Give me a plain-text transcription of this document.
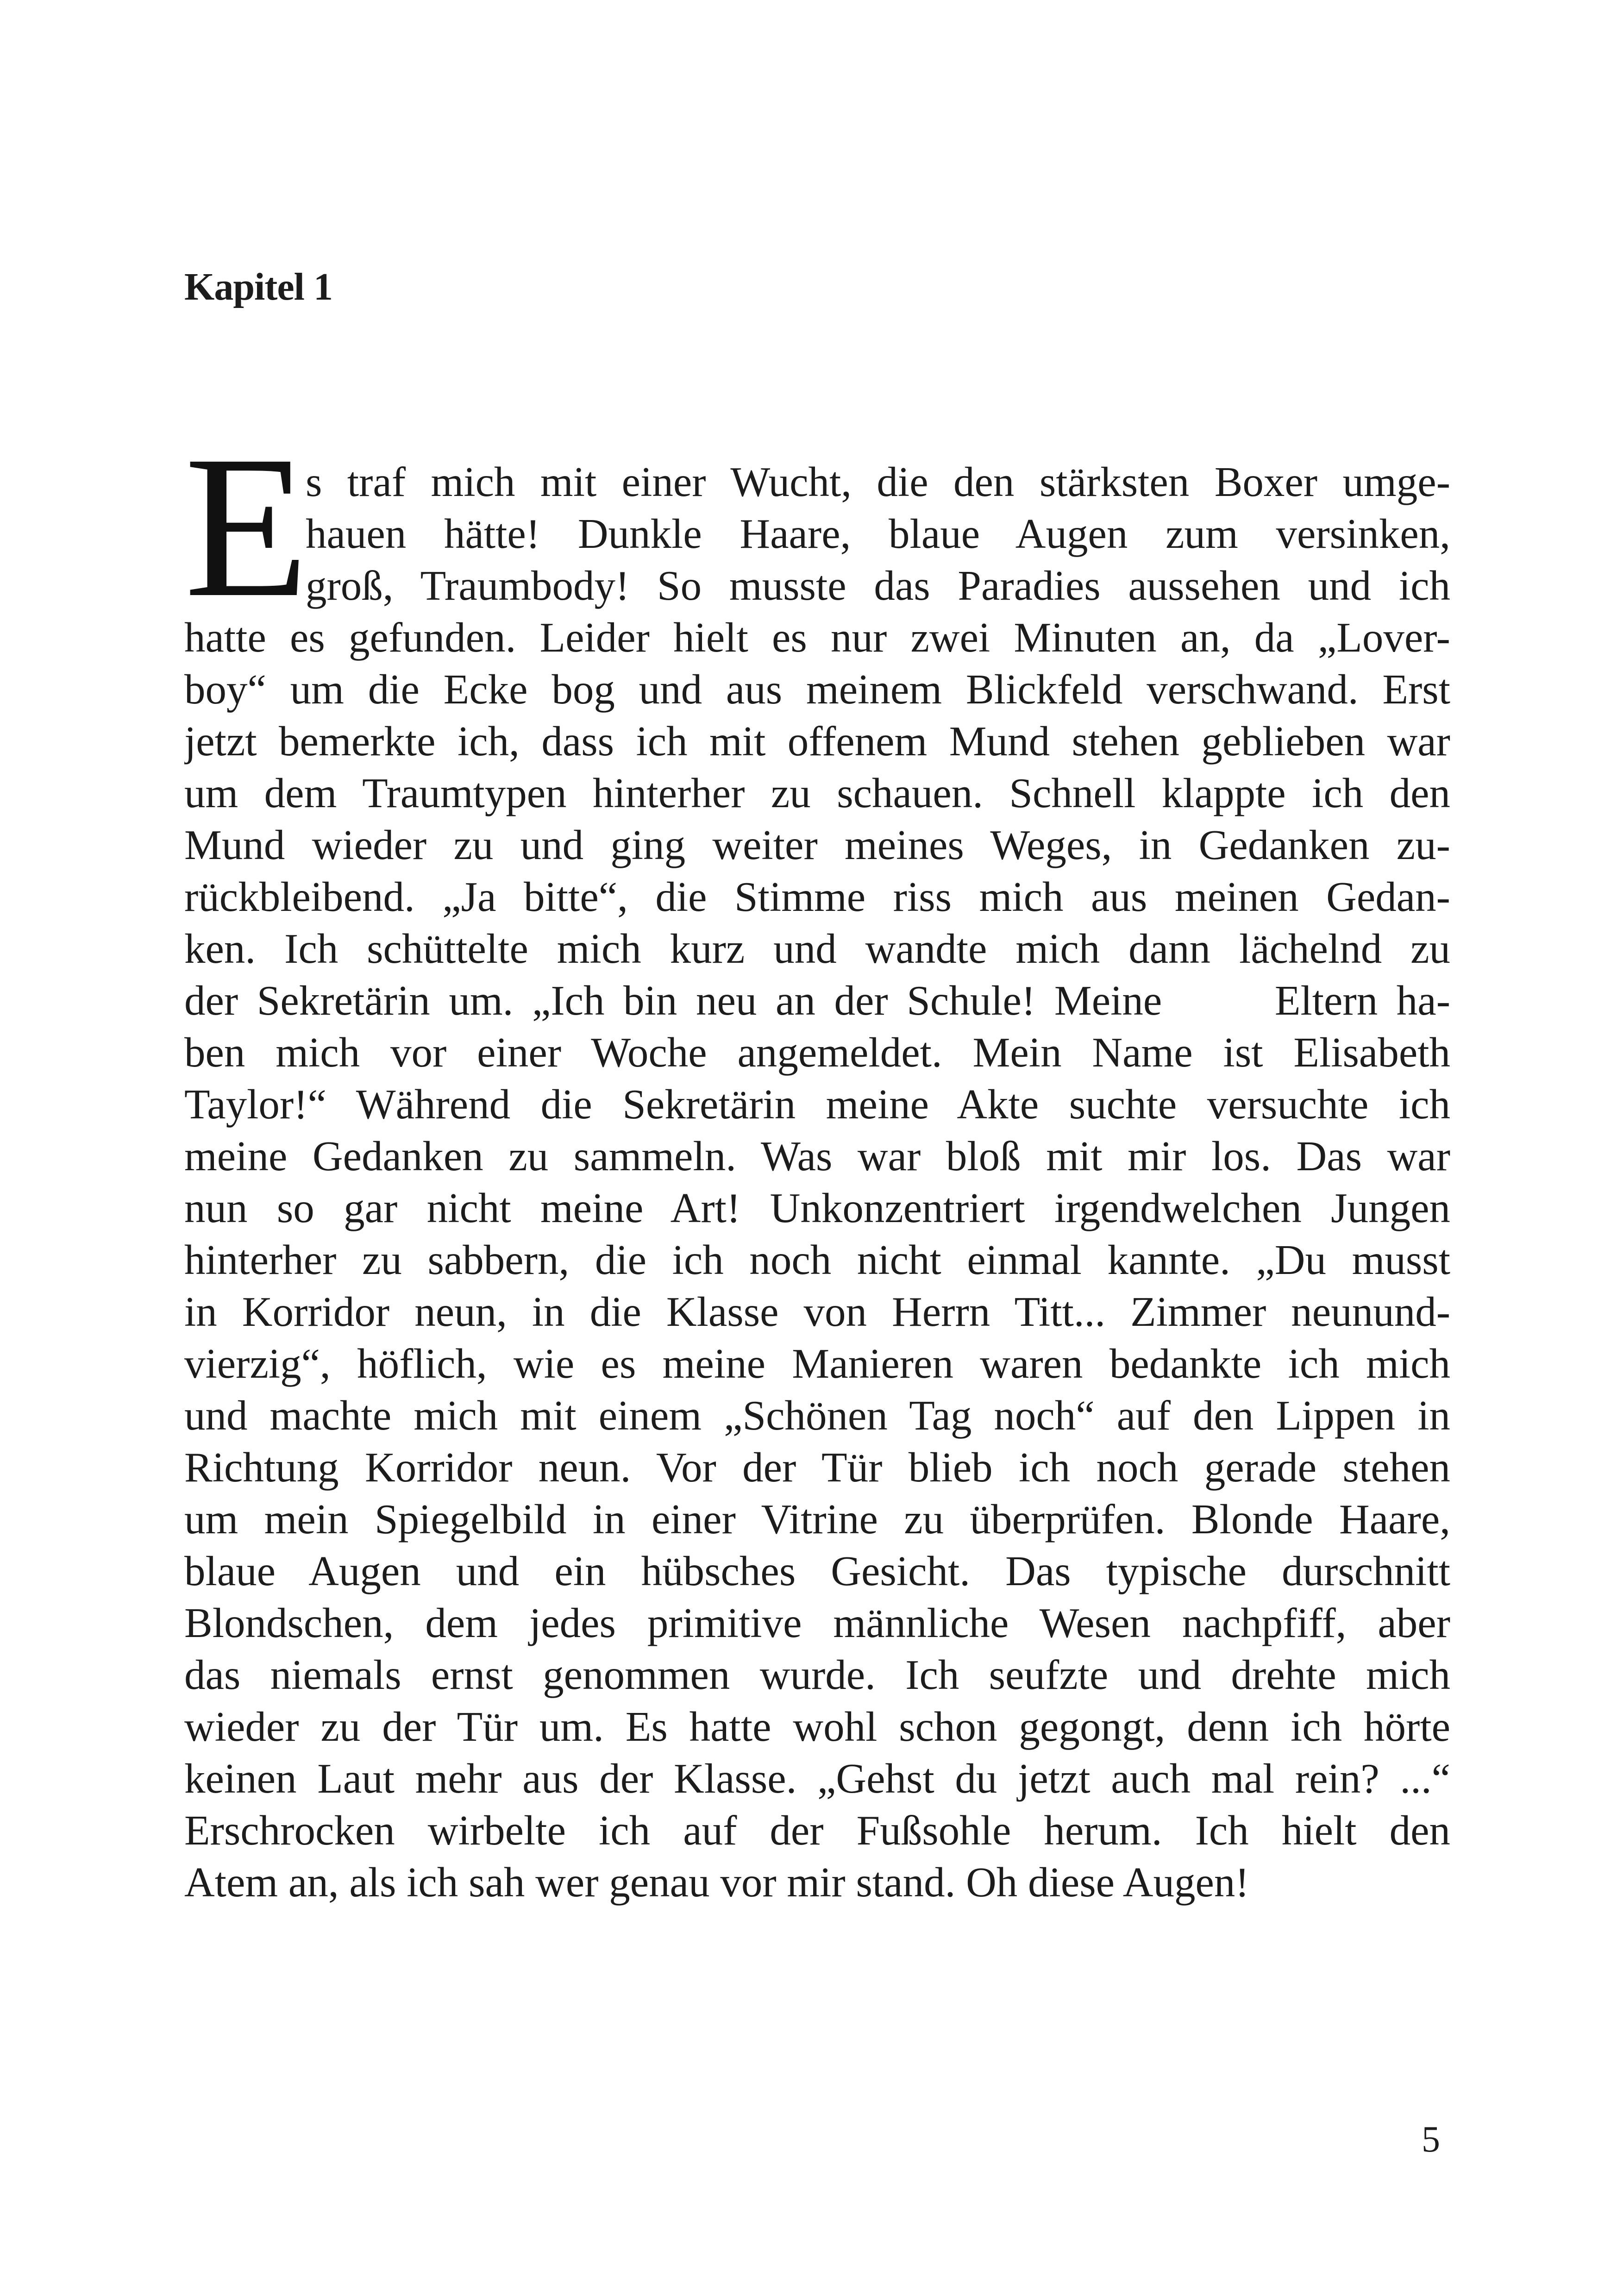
Kapitel 1
E
s traf mich mit einer Wucht, die den stärksten Boxer umge-
hauen hätte! Dunkle Haare, blaue Augen zum versinken,
groß, Traumbody! So musste das Paradies aussehen und ich
hatte es gefunden. Leider hielt es nur zwei Minuten an, da „Lover-
boy“ um die Ecke bog und aus meinem Blickfeld verschwand. Erst
jetzt bemerkte ich, dass ich mit offenem Mund stehen geblieben war
um dem Traumtypen hinterher zu schauen. Schnell klappte ich den
Mund wieder zu und ging weiter meines Weges, in Gedanken zu-
rückbleibend. „Ja bitte“, die Stimme riss mich aus meinen Gedan-
ken. Ich schüttelte mich kurz und wandte mich dann lächelnd zu
der Sekretärin um. „Ich bin neu an der Schule! Meine      Eltern ha-
ben mich vor einer Woche angemeldet. Mein Name ist Elisabeth
Taylor!“ Während die Sekretärin meine Akte suchte versuchte ich
meine Gedanken zu sammeln. Was war bloß mit mir los. Das war
nun so gar nicht meine Art! Unkonzentriert irgendwelchen Jungen
hinterher zu sabbern, die ich noch nicht einmal kannte. „Du musst
in Korridor neun, in die Klasse von Herrn Titt... Zimmer neunund-
vierzig“, höflich, wie es meine Manieren waren bedankte ich mich
und machte mich mit einem „Schönen Tag noch“ auf den Lippen in
Richtung Korridor neun. Vor der Tür blieb ich noch gerade stehen
um mein Spiegelbild in einer Vitrine zu überprüfen. Blonde Haare,
blaue Augen und ein hübsches Gesicht. Das typische durschnitt
Blondschen, dem jedes primitive männliche Wesen nachpfiff, aber
das niemals ernst genommen wurde. Ich seufzte und drehte mich
wieder zu der Tür um. Es hatte wohl schon gegongt, denn ich hörte
keinen Laut mehr aus der Klasse. „Gehst du jetzt auch mal rein? ...“
Erschrocken wirbelte ich auf der Fußsohle herum. Ich hielt den
Atem an, als ich sah wer genau vor mir stand. Oh diese Augen!

5
